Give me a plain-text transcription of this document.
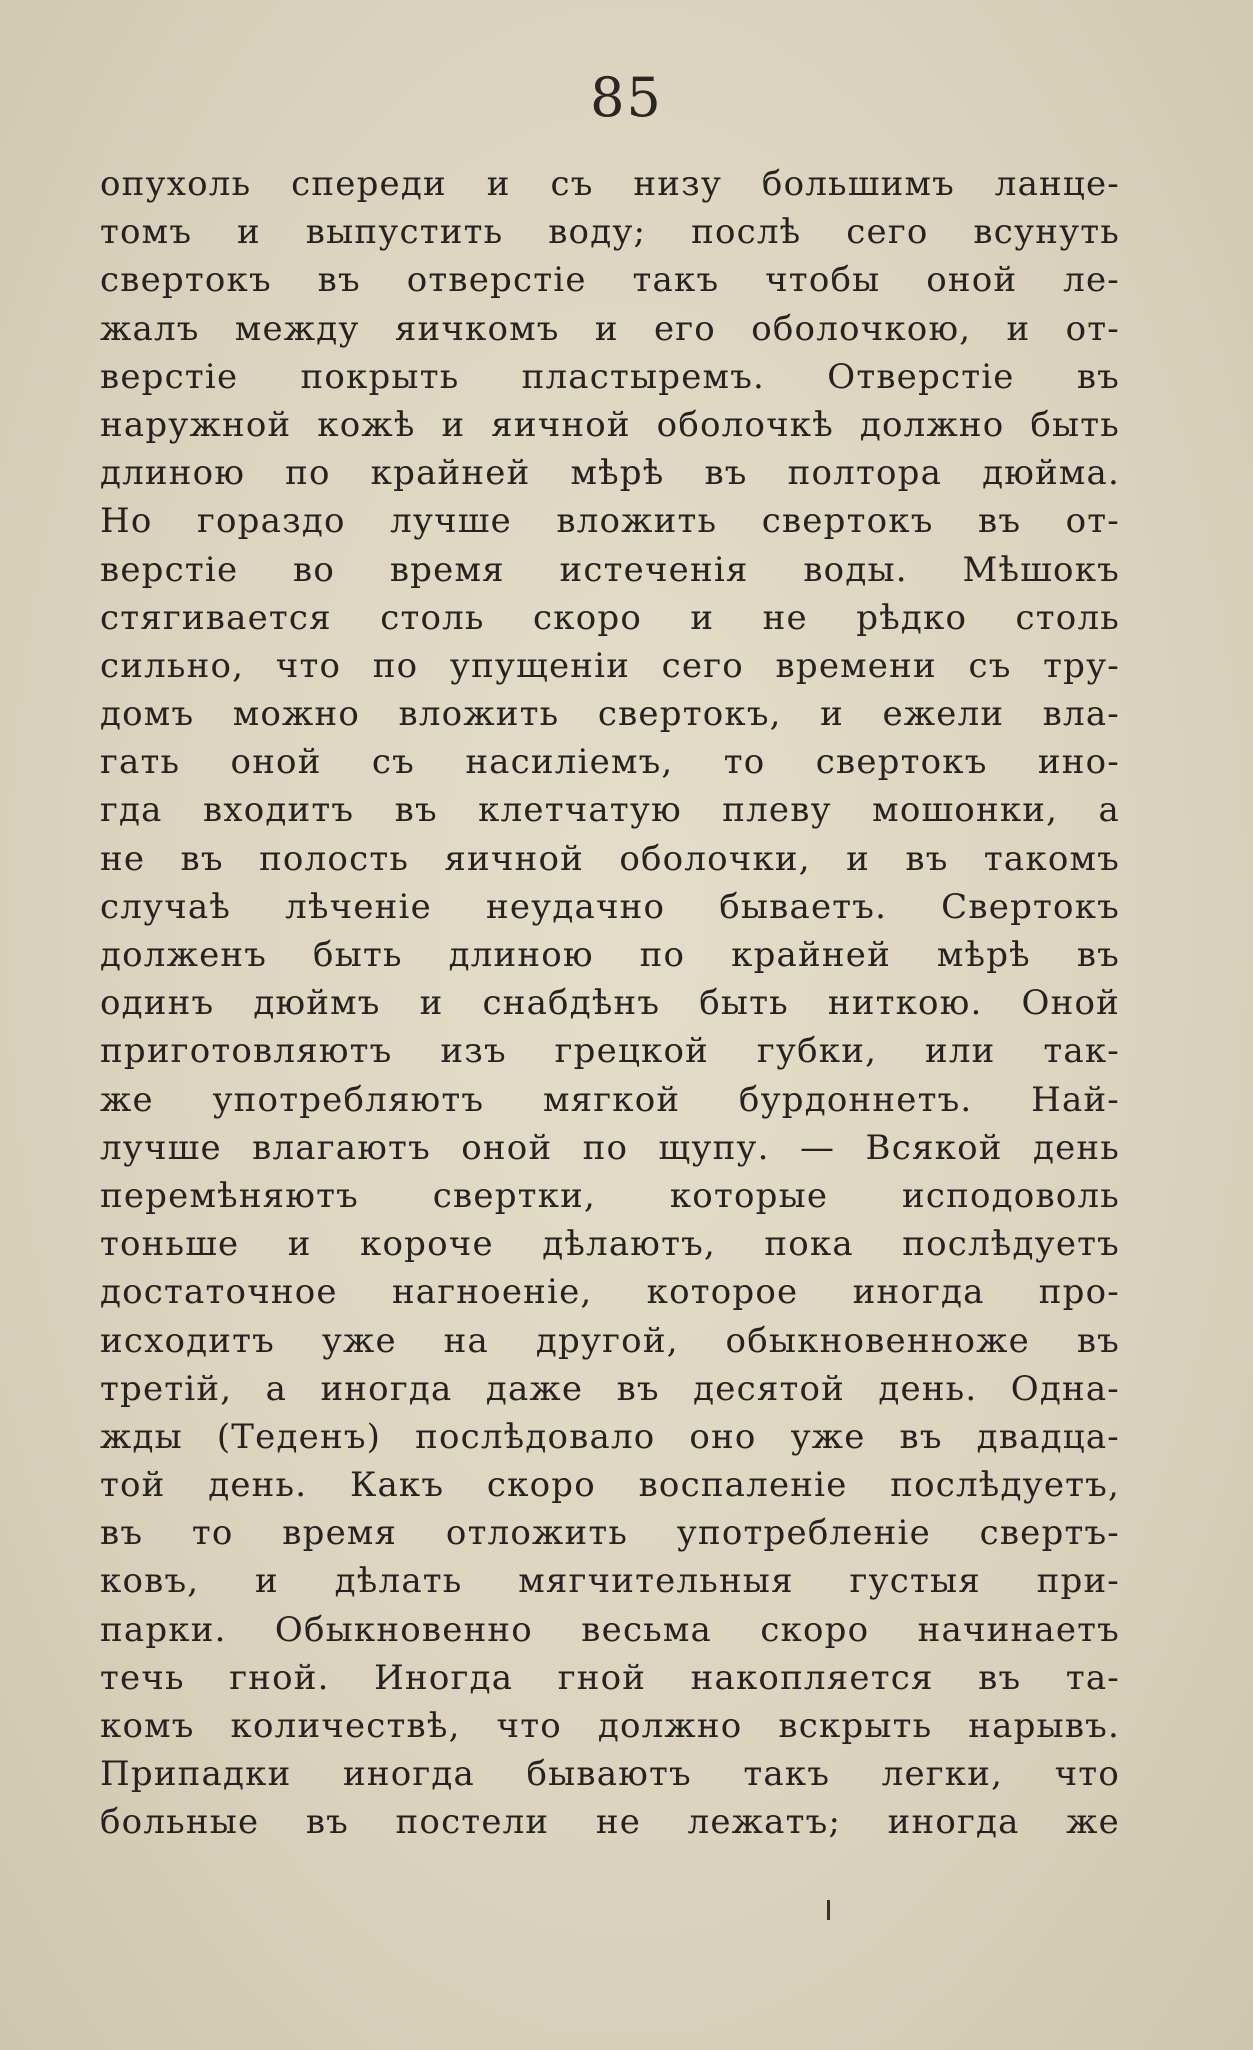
85
опухоль спереди и съ низу большимъ ланце-
томъ и выпустить воду; послѣ сего всунуть
свертокъ въ отверстiе такъ чтобы оной ле-
жалъ между яичкомъ и его оболочкою, и от-
верстiе покрыть пластыремъ. Отверстiе въ
наружной кожѣ и яичной оболочкѣ должно быть
длиною по крайней мѣрѣ въ полтора дюйма.
Но гораздо лучше вложить свертокъ въ от-
верстiе во время истеченiя воды. Мѣшокъ
стягивается столь скоро и не рѣдко столь
сильно, что по упущенiи сего времени съ тру-
домъ можно вложить свертокъ, и ежели вла-
гать оной съ насилiемъ, то свертокъ ино-
гда входитъ въ клетчатую плеву мошонки, а
не въ полость яичной оболочки, и въ такомъ
случаѣ лѣченiе неудачно бываетъ. Свертокъ
долженъ быть длиною по крайней мѣрѣ въ
одинъ дюймъ и снабдѣнъ быть ниткою. Оной
приготовляютъ изъ грецкой губки, или так-
же употребляютъ мягкой бурдоннетъ. Най-
лучше влагаютъ оной по щупу. — Всякой день
перемѣняютъ свертки, которые исподоволь
тоньше и короче дѣлаютъ, пока послѣдуетъ
достаточное нагноенiе, которое иногда про-
исходитъ уже на другой, обыкновенноже въ
третiй, а иногда даже въ десятой день. Одна-
жды (Теденъ) послѣдовало оно уже въ двадца-
той день. Какъ скоро воспаленiе послѣдуетъ,
въ то время отложить употребленiе свертъ-
ковъ, и дѣлать мягчительныя густыя при-
парки. Обыкновенно весьма скоро начинаетъ
течь гной. Иногда гной накопляется въ та-
комъ количествѣ, что должно вскрыть нарывъ.
Припадки иногда бываютъ такъ легки, что
больные въ постели не лежатъ; иногда же
